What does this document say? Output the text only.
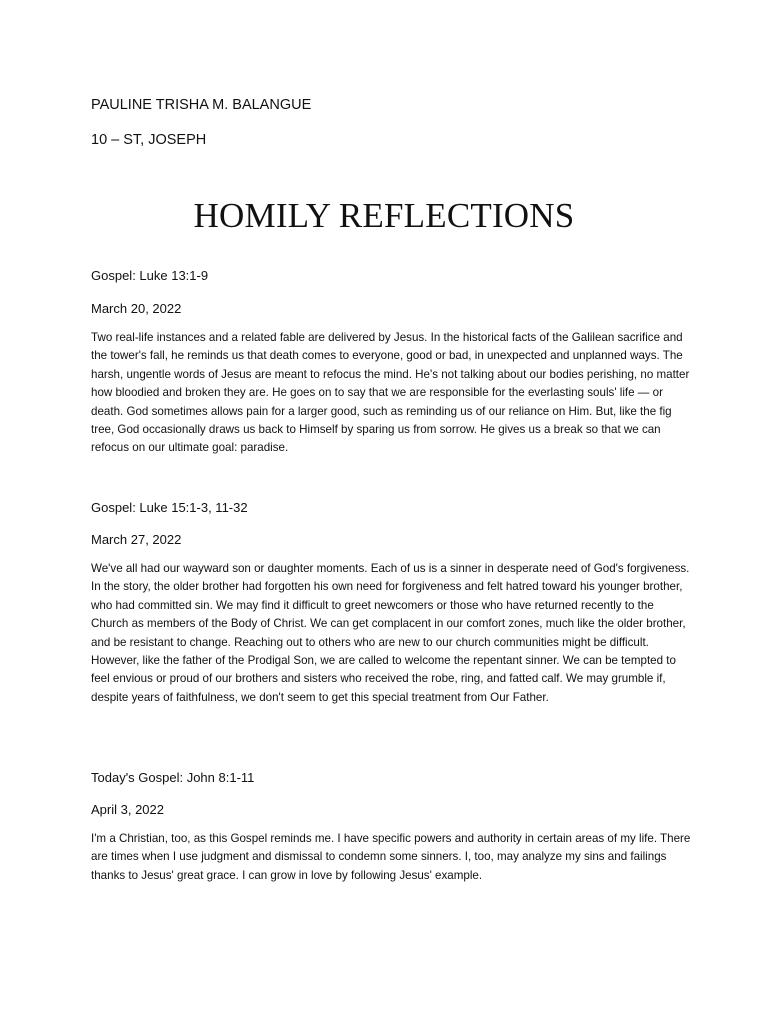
PAULINE TRISHA M. BALANGUE
10 – ST, JOSEPH
HOMILY REFLECTIONS
Gospel: Luke 13:1-9
March 20, 2022
Two real-life instances and a related fable are delivered by Jesus. In the historical facts of the Galilean sacrifice and the tower's fall, he reminds us that death comes to everyone, good or bad, in unexpected and unplanned ways. The harsh, ungentle words of Jesus are meant to refocus the mind. He's not talking about our bodies perishing, no matter how bloodied and broken they are. He goes on to say that we are responsible for the everlasting souls' life — or death. God sometimes allows pain for a larger good, such as reminding us of our reliance on Him. But, like the fig tree, God occasionally draws us back to Himself by sparing us from sorrow. He gives us a break so that we can refocus on our ultimate goal: paradise.
Gospel: Luke 15:1-3, 11-32
March 27, 2022
We've all had our wayward son or daughter moments. Each of us is a sinner in desperate need of God's forgiveness. In the story, the older brother had forgotten his own need for forgiveness and felt hatred toward his younger brother, who had committed sin. We may find it difficult to greet newcomers or those who have returned recently to the Church as members of the Body of Christ. We can get complacent in our comfort zones, much like the older brother, and be resistant to change. Reaching out to others who are new to our church communities might be difficult. However, like the father of the Prodigal Son, we are called to welcome the repentant sinner. We can be tempted to feel envious or proud of our brothers and sisters who received the robe, ring, and fatted calf. We may grumble if, despite years of faithfulness, we don't seem to get this special treatment from Our Father.
Today's Gospel: John 8:1-11
April 3, 2022
I'm a Christian, too, as this Gospel reminds me. I have specific powers and authority in certain areas of my life. There are times when I use judgment and dismissal to condemn some sinners. I, too, may analyze my sins and failings thanks to Jesus' great grace. I can grow in love by following Jesus' example.
